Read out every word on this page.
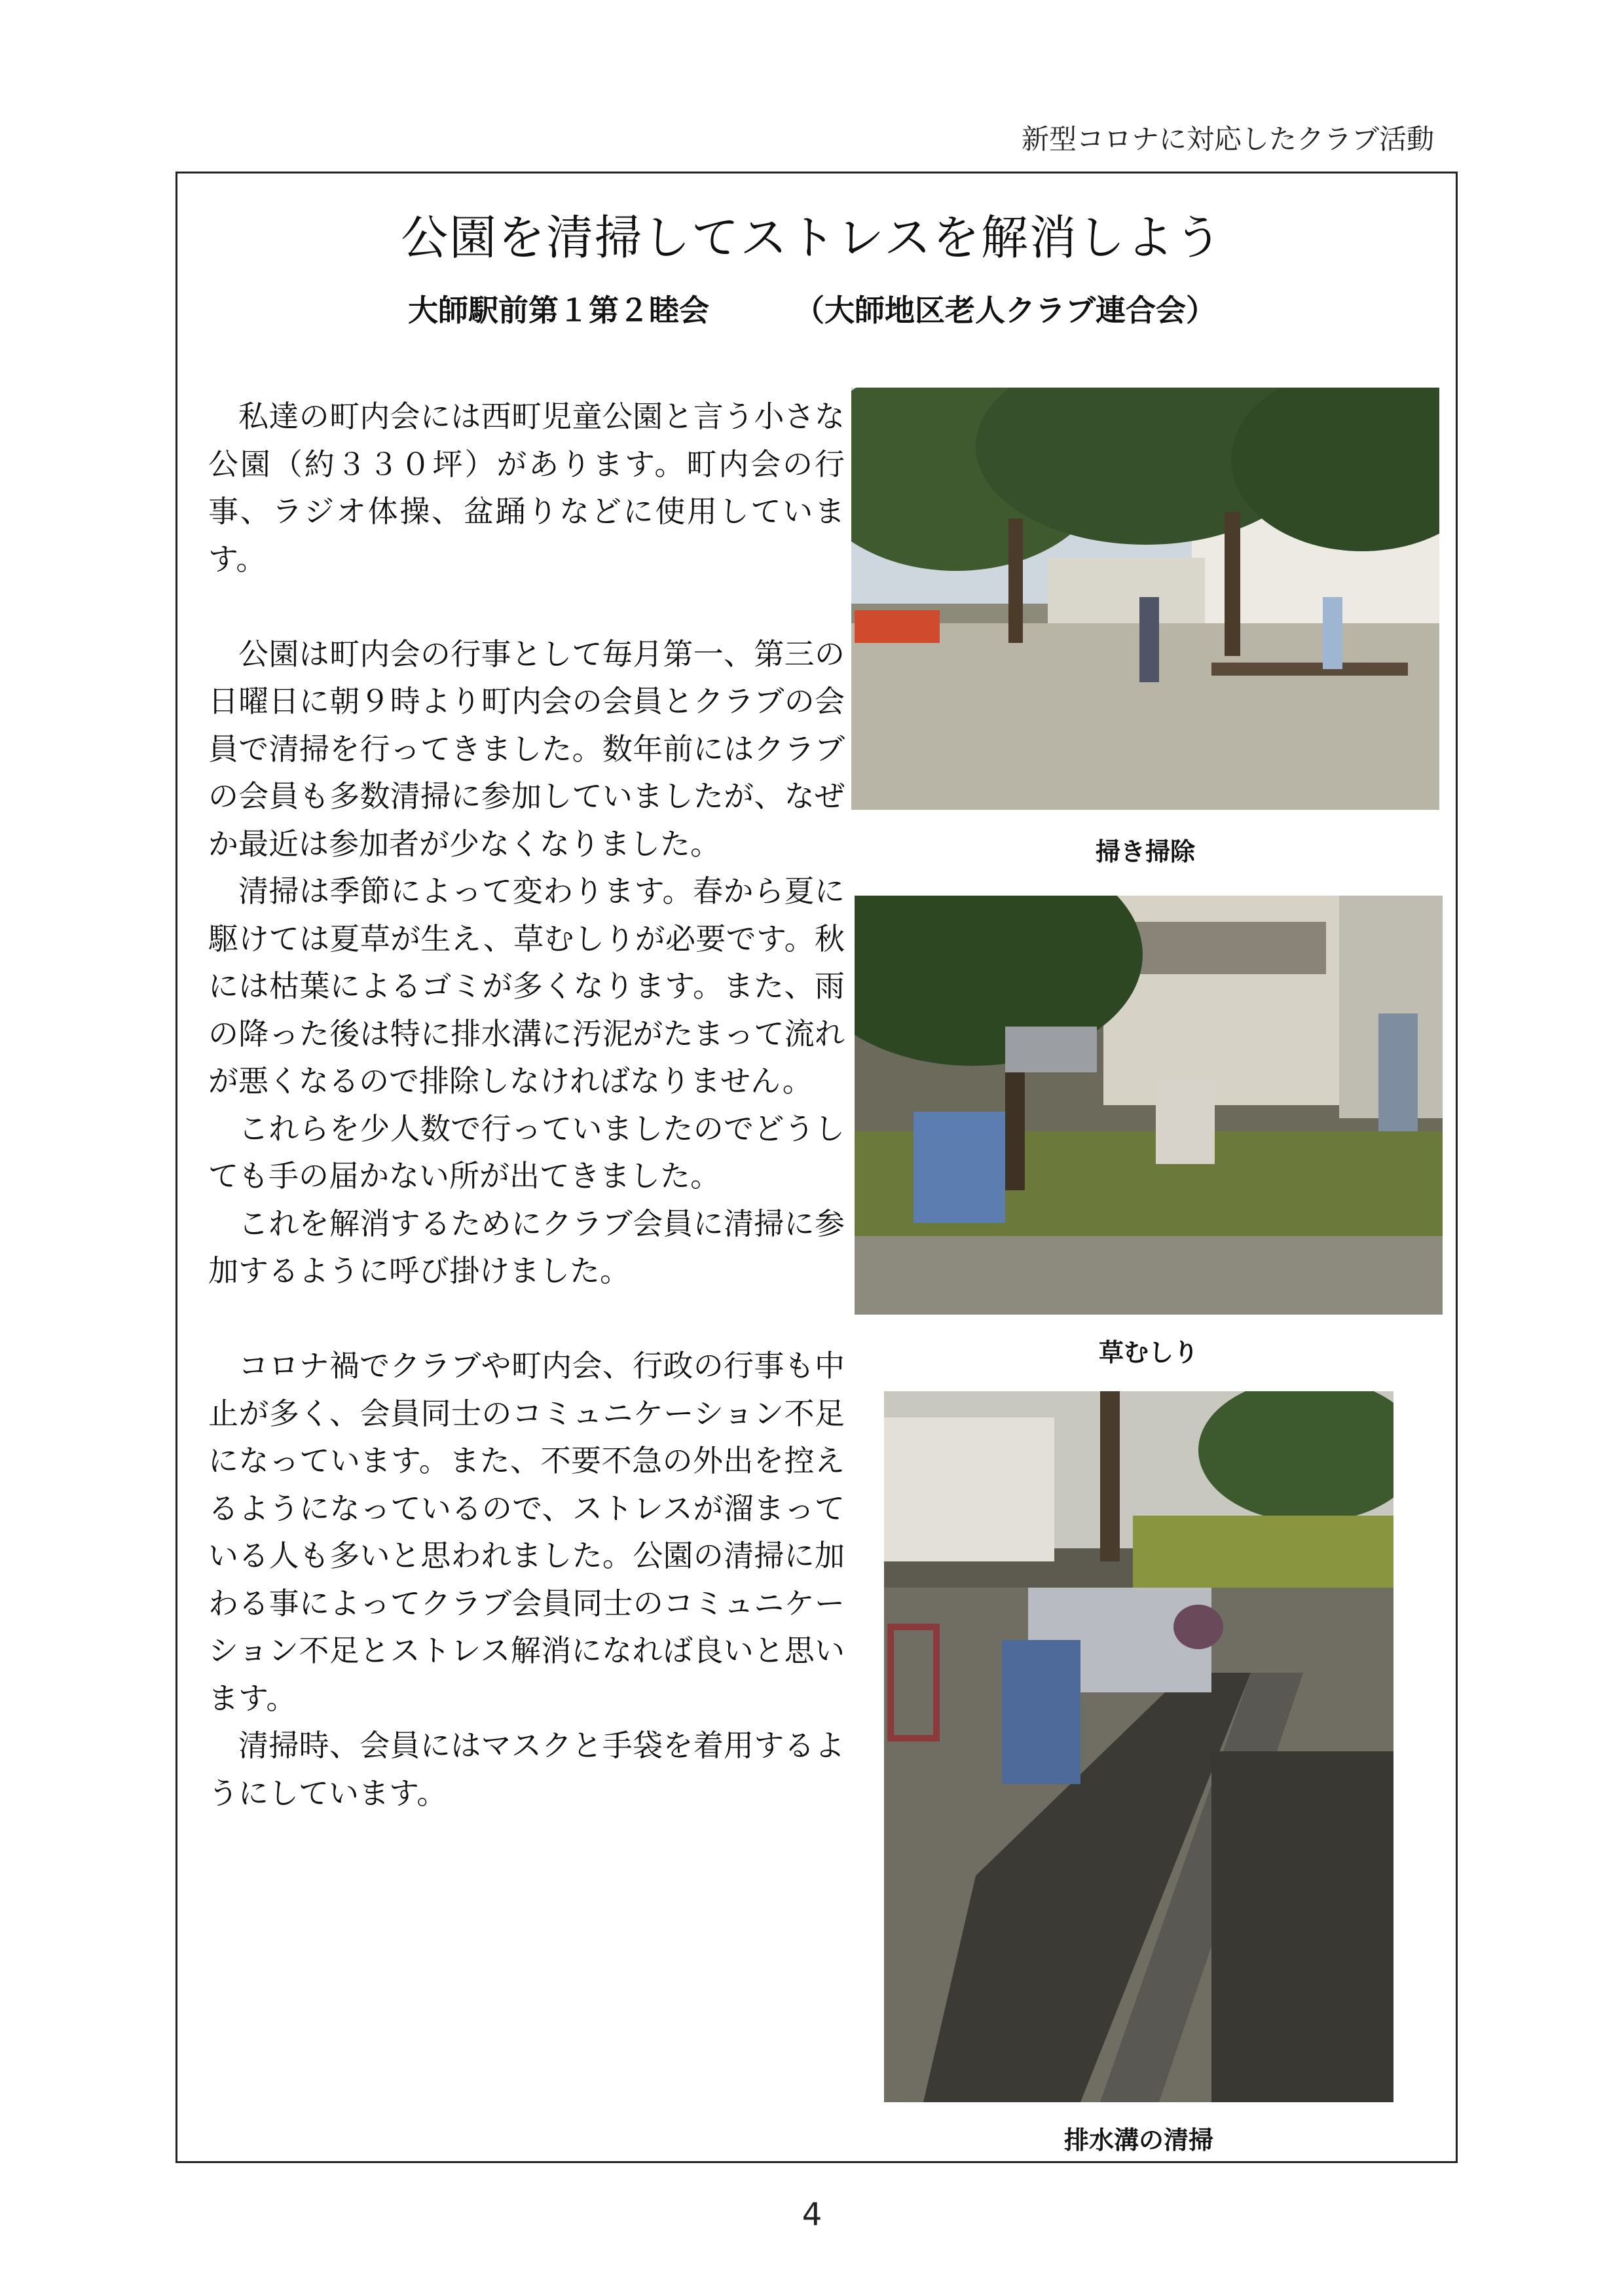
新型コロナに対応したクラブ活動
公園を清掃してストレスを解消しよう
大師駅前第１第２睦会	（大師地区老人クラブ連合会）

私達の町内会には西町児童公園と言う小さな公園（約３３０坪）があります。町内会の行事、ラジオ体操、盆踊りなどに使用しています。

公園は町内会の行事として毎月第一、第三の日曜日に朝９時より町内会の会員とクラブの会員で清掃を行ってきました。数年前にはクラブの会員も多数清掃に参加していましたが、なぜか最近は参加者が少なくなりました。

清掃は季節によって変わります。春から夏に駆けては夏草が生え、草むしりが必要です。秋には枯葉によるゴミが多くなります。また、雨の降った後は特に排水溝に汚泥がたまって流れが悪くなるので排除しなければなりません。

これらを少人数で行っていましたのでどうしても手の届かない所が出てきました。

これを解消するためにクラブ会員に清掃に参加するように呼び掛けました。

コロナ禍でクラブや町内会、行政の行事も中止が多く、会員同士のコミュニケーション不足になっています。また、不要不急の外出を控えるようになっているので、ストレスが溜まっている人も多いと思われました。公園の清掃に加わる事によってクラブ会員同士のコミュニケーション不足とストレス解消になれば良いと思います。

清掃時、会員にはマスクと手袋を着用するようにしています。

掃き掃除
草むしり
排水溝の清掃
4
